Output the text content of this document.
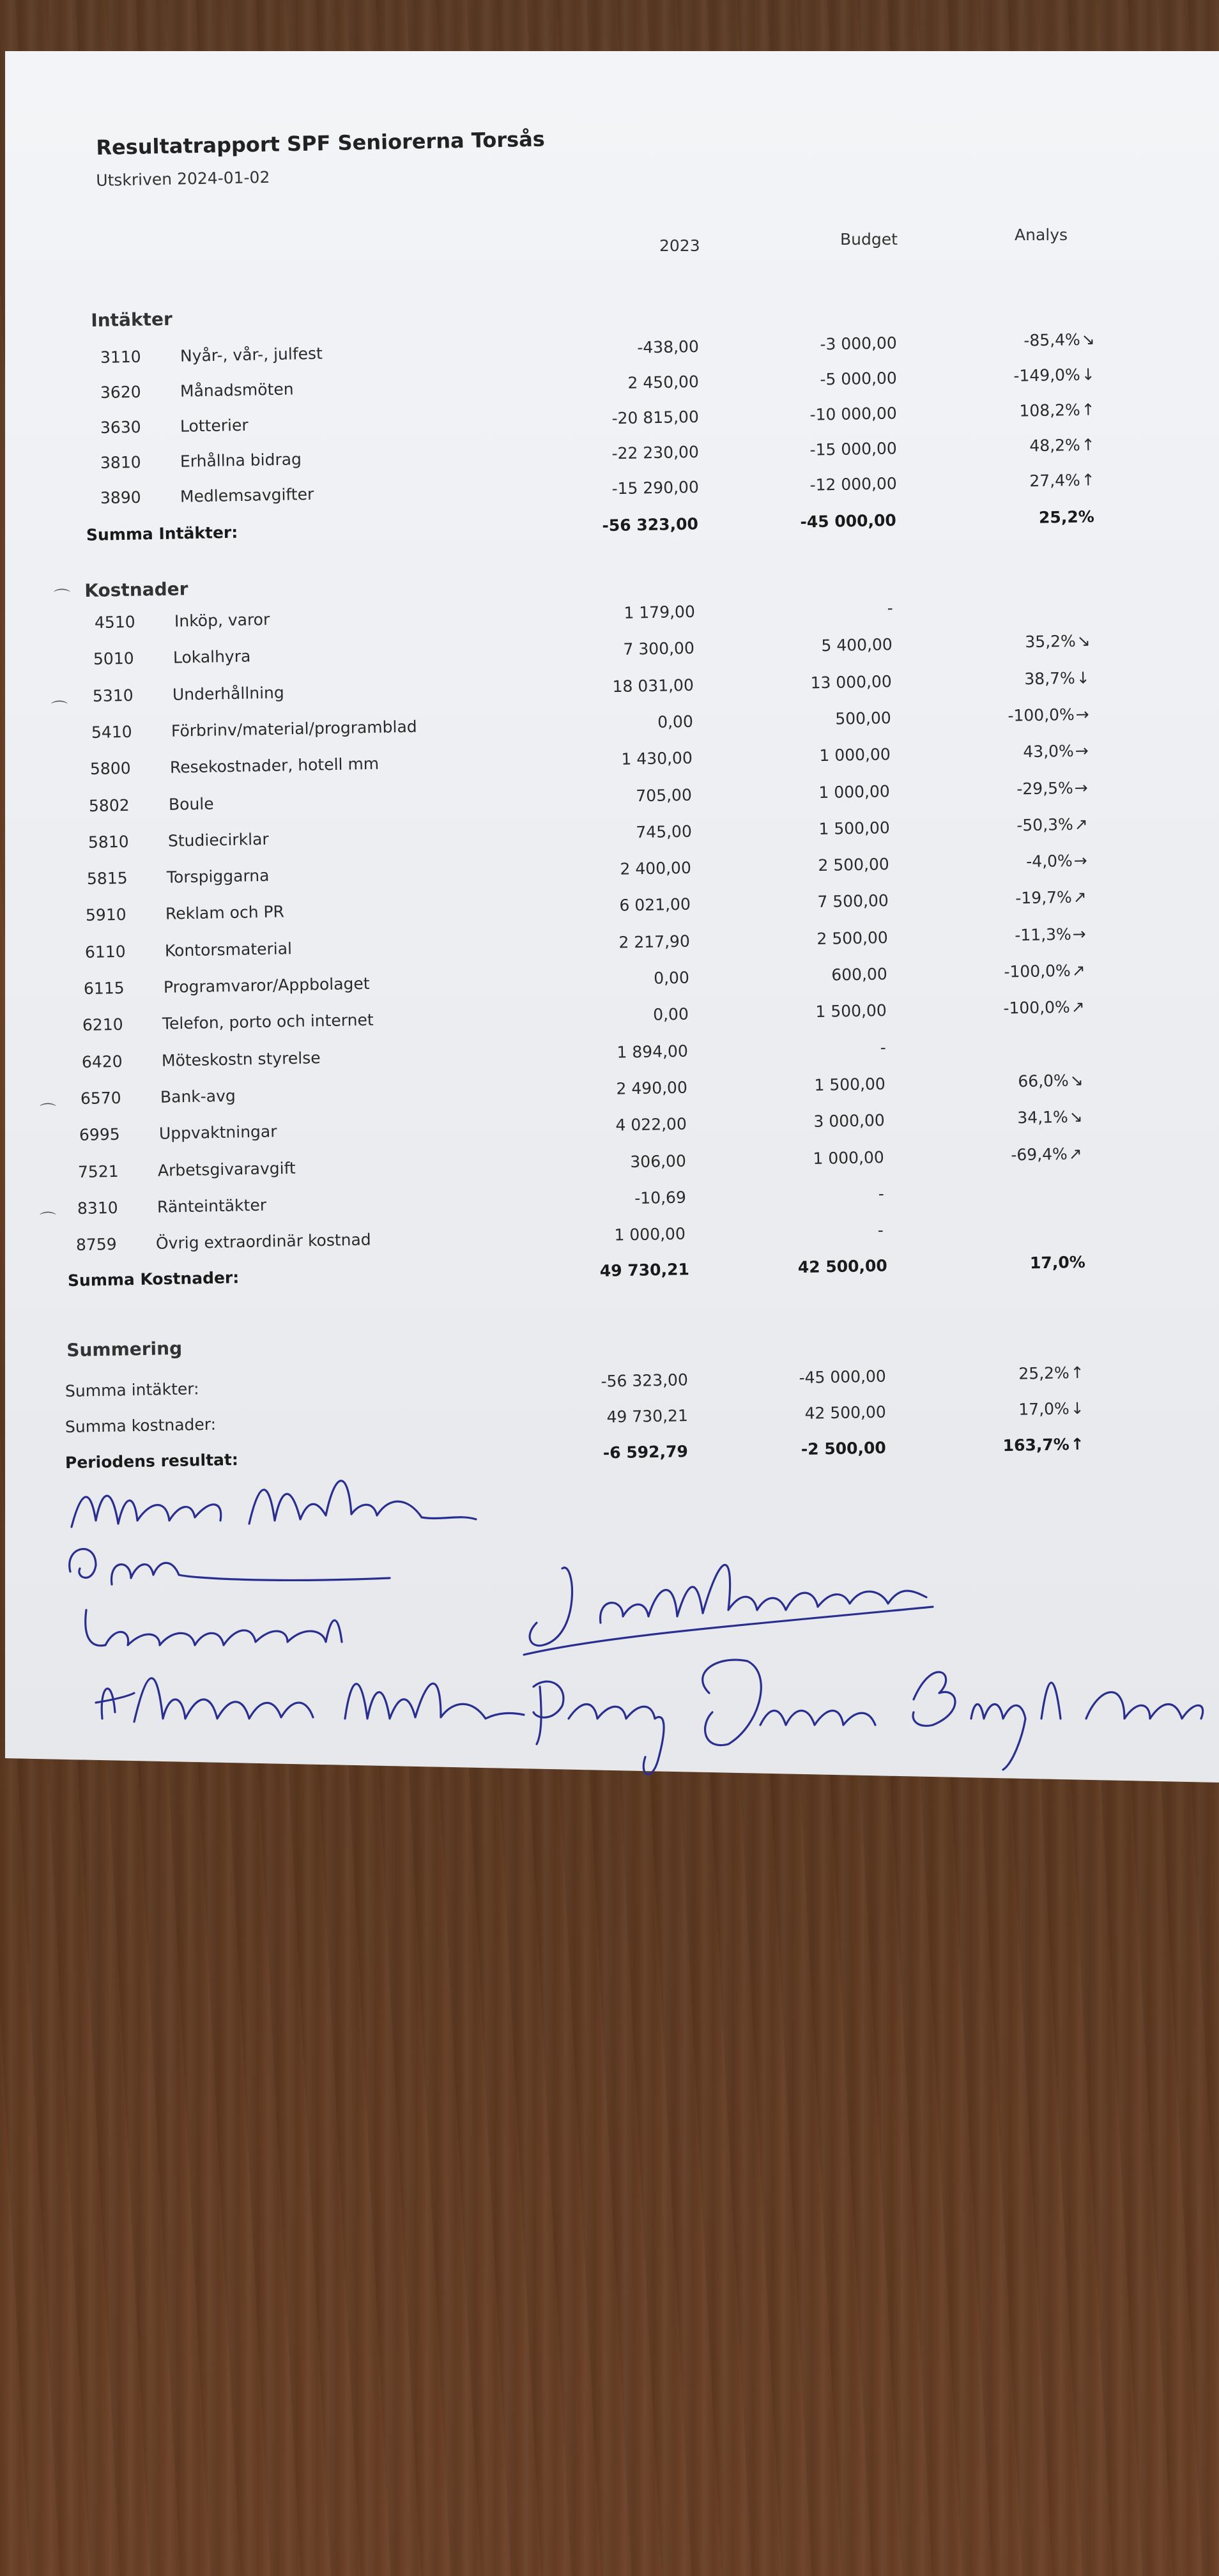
Resultatrapport SPF Seniorerna Torsås
Utskriven 2024-01-02
2023	Budget	Analys
Intäkter
Kostnader
Summering
3110 Nyår-, vår-, julfest	-438,00	-3 000,00	-85,4%↘
3620 Månadsmöten	2 450,00	-5 000,00	-149,0%↓
3630 Lotterier	-20 815,00	-10 000,00	108,2%↑
3810 Erhållna bidrag	-22 230,00	-15 000,00	48,2%↑
3890 Medlemsavgifter	-15 290,00	-12 000,00	27,4%↑
Summa Intäkter:	-56 323,00	-45 000,00	25,2%
4510 Inköp, varor	1 179,00	-
5010 Lokalhyra	7 300,00	5 400,00	35,2%↘
5310 Underhållning	18 031,00	13 000,00	38,7%↓
5410 Förbrinv/material/programblad	0,00	500,00	-100,0%→
5800 Resekostnader, hotell mm	1 430,00	1 000,00	43,0%→
5802 Boule	705,00	1 000,00	-29,5%→
5810 Studiecirklar	745,00	1 500,00	-50,3%↗
5815 Torspiggarna	2 400,00	2 500,00	-4,0%→
5910 Reklam och PR	6 021,00	7 500,00	-19,7%↗
6110 Kontorsmaterial	2 217,90	2 500,00	-11,3%→
6115 Programvaror/Appbolaget	0,00	600,00	-100,0%↗
6210 Telefon, porto och internet	0,00	1 500,00	-100,0%↗
6420 Möteskostn styrelse	1 894,00	-
6570 Bank-avg	2 490,00	1 500,00	66,0%↘
6995 Uppvaktningar	4 022,00	3 000,00	34,1%↘
7521 Arbetsgivaravgift	306,00	1 000,00	-69,4%↗
8310 Ränteintäkter	-10,69	-
8759 Övrig extraordinär kostnad	1 000,00	-
Summa Kostnader:	49 730,21	42 500,00	17,0%
Summa intäkter:	-56 323,00	-45 000,00	25,2%↑
Summa kostnader:	49 730,21	42 500,00	17,0%↓
Periodens resultat:	-6 592,79	-2 500,00	163,7%↑
⌒
⌒
⌒
⌒
